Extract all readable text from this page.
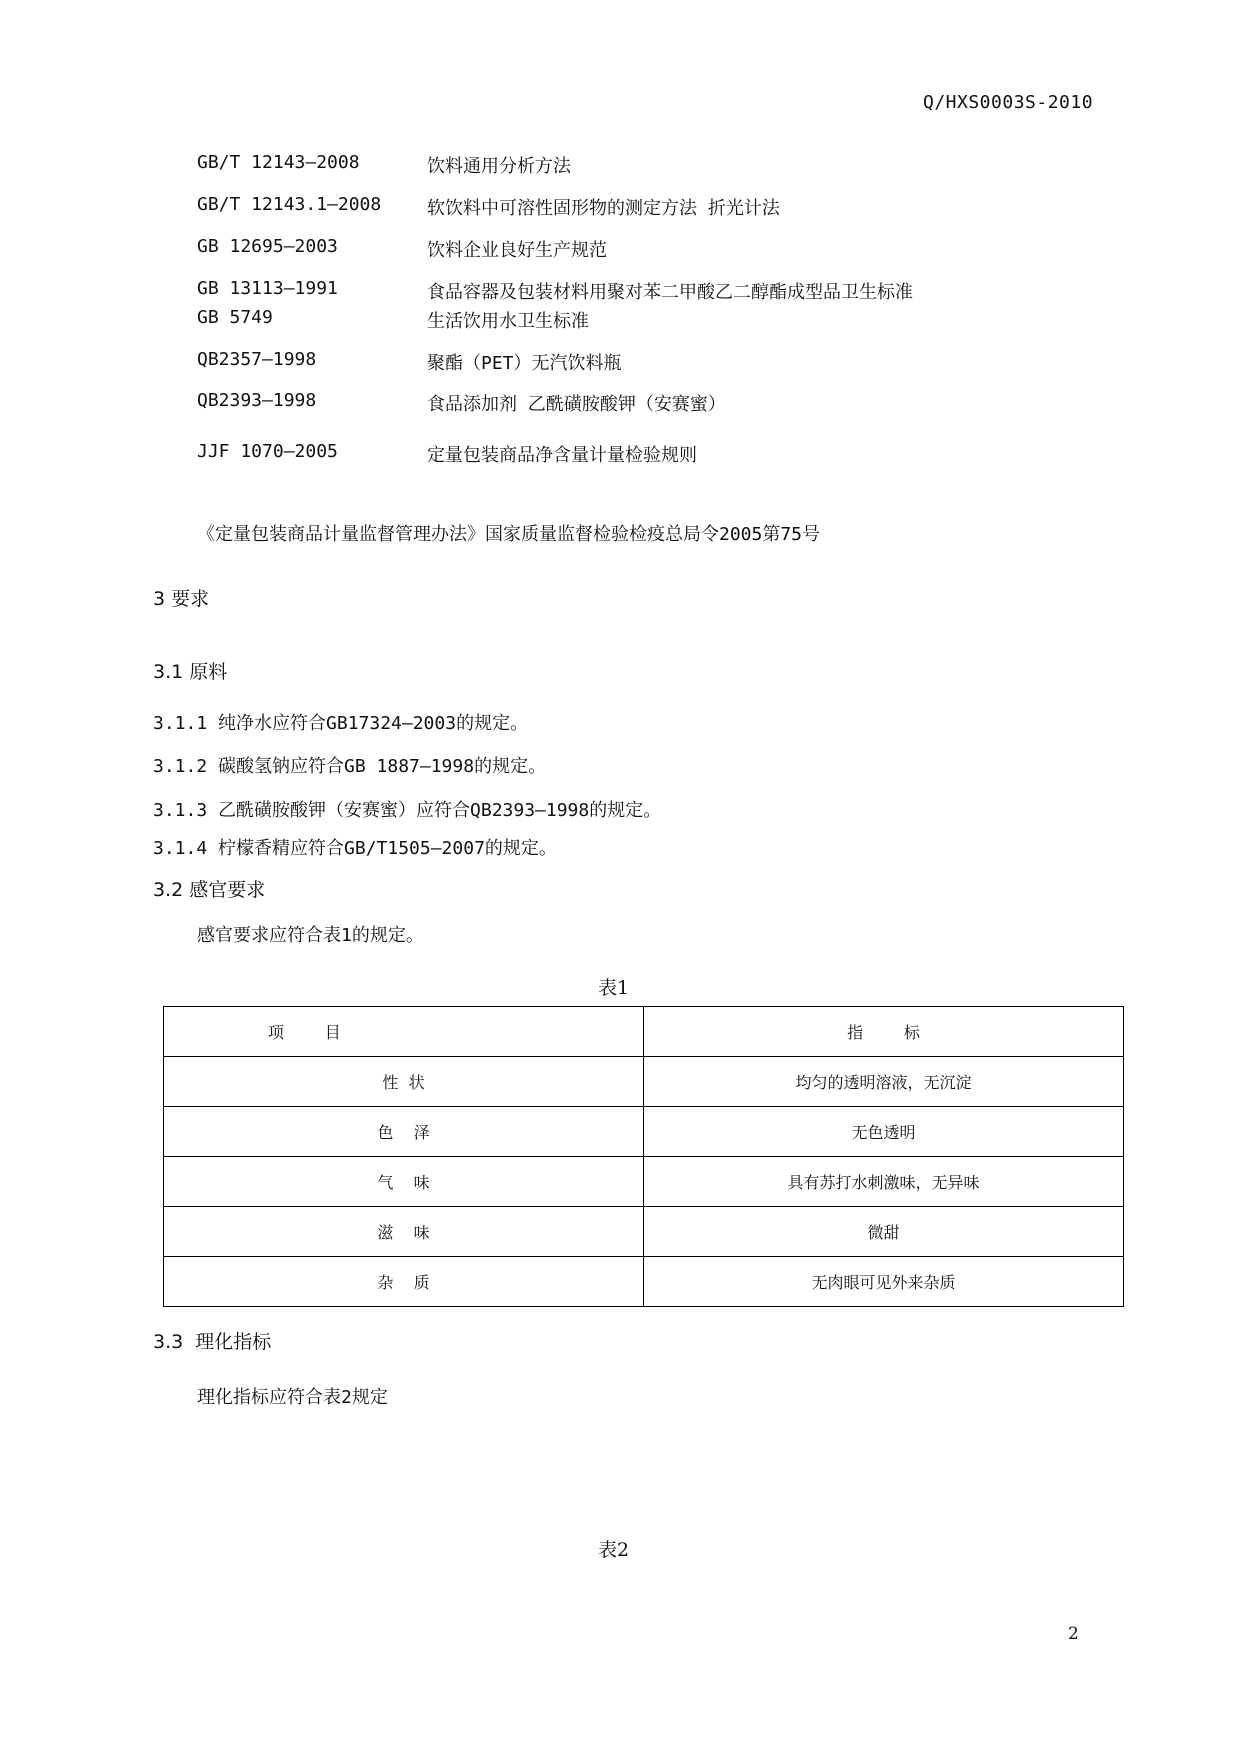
Q/HXS0003S-2010
GB/T 12143—2008	饮料通用分析方法
GB/T 12143.1—2008	软饮料中可溶性固形物的测定方法 折光计法
GB 12695—2003	饮料企业良好生产规范
GB 13113—1991	食品容器及包装材料用聚对苯二甲酸乙二醇酯成型品卫生标准
GB 5749	生活饮用水卫生标准
QB2357—1998	聚酯（PET）无汽饮料瓶
QB2393—1998	食品添加剂 乙酰磺胺酸钾（安赛蜜）
JJF 1070—2005	定量包装商品净含量计量检验规则
《定量包装商品计量监督管理办法》国家质量监督检验检疫总局令2005第75号
3 要求
3.1 原料
3.1.1 纯净水应符合GB17324—2003的规定。
3.1.2 碳酸氢钠应符合GB 1887—1998的规定。
3.1.3 乙酰磺胺酸钾（安赛蜜）应符合QB2393—1998的规定。
3.1.4 柠檬香精应符合GB/T1505—2007的规定。
3.2 感官要求
感官要求应符合表1的规定。
表1
项        目	指        标
性  状	均匀的透明溶液，无沉淀
色    泽	无色透明
气    味	具有苏打水刺激味，无异味
滋    味	微甜
杂    质	无肉眼可见外来杂质
3.3  理化指标
理化指标应符合表2规定
表2
2
